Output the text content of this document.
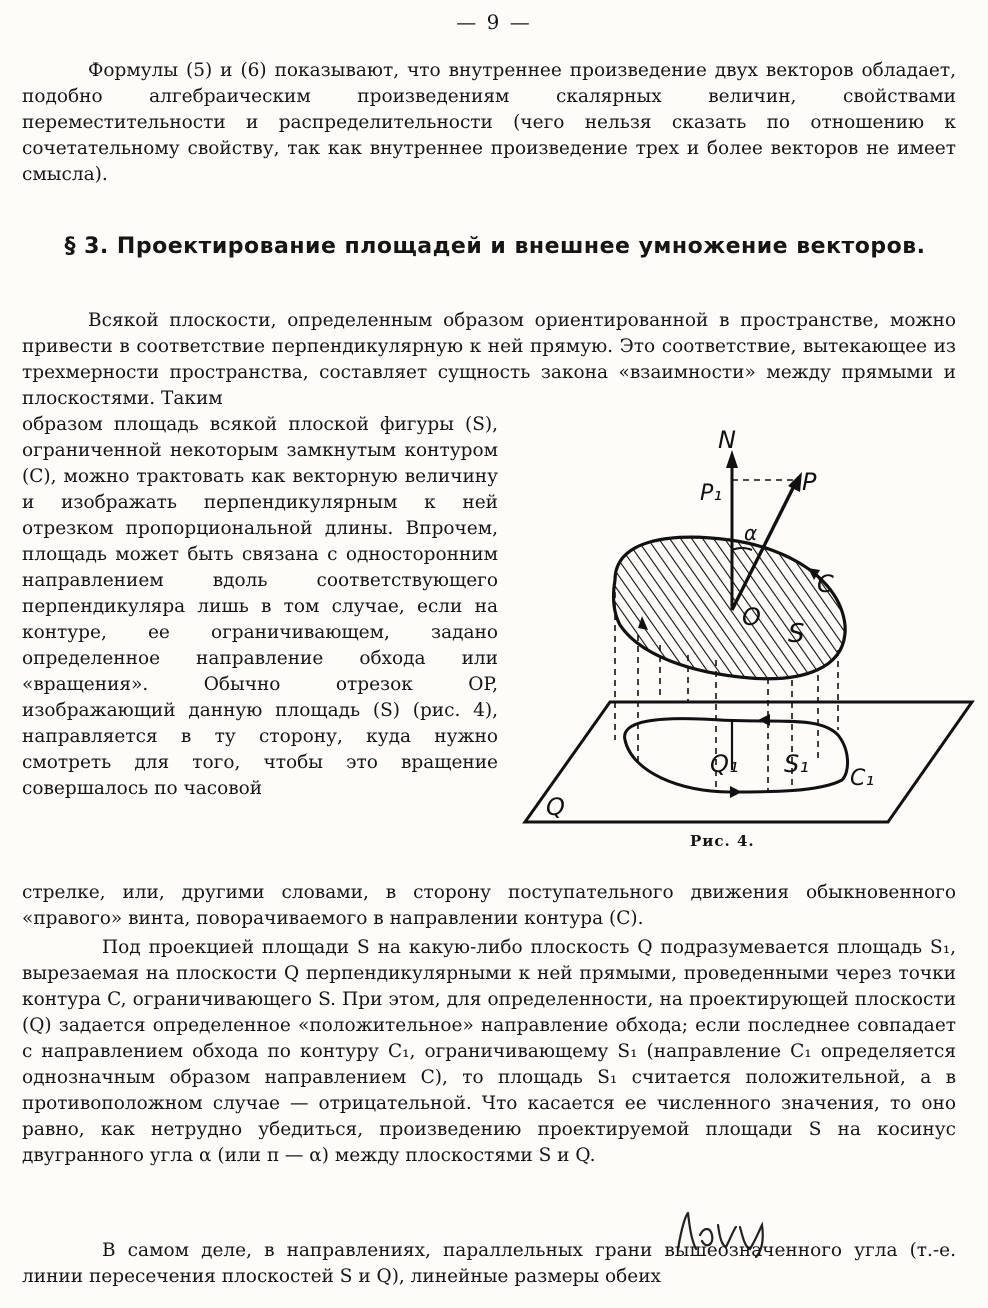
— 9 —
Формулы (5) и (6) показывают, что внутреннее произведение двух векторов обладает, подобно алгебраическим произведениям скалярных величин, свойствами переместительности и распределительности (чего нельзя сказать по отношению к сочетательному свойству, так как внутреннее произведение трех и более векторов не имеет смысла).
§ 3. Проектирование площадей и внешнее умножение векторов.
Всякой плоскости, определенным образом ориентированной в пространстве, можно привести в соответствие перпендикулярную к ней прямую. Это соответствие, вытекающее из трехмерности пространства, составляет сущность закона «взаимности» между прямыми и плоскостями. Таким
образом площадь всякой плоской фигуры (S), ограниченной некоторым замкнутым контуром (C), можно трактовать как векторную величину и изображать перпендикулярным к ней отрезком пропорциональной длины. Впрочем, площадь может быть связана с односторонним направлением вдоль соответствующего перпендикуляра лишь в том случае, если на контуре, ее ограничивающем, задано определенное направление обхода или «вращения». Обычно отрезок OP, изображающий данную площадь (S) (рис. 4), направляется в ту сторону, куда нужно смотреть для того, чтобы это вращение совершалось по часовой
N
P
P₁
α
C
O
S
Q₁ S₁
C₁
Q
Рис. 4.
стрелке, или, другими словами, в сторону поступательного движения обыкновенного «правого» винта, поворачиваемого в направлении контура (C).
Под проекцией площади S на какую-либо плоскость Q подразумевается площадь S₁, вырезаемая на плоскости Q перпендикулярными к ней прямыми, проведенными через точки контура C, ограничивающего S. При этом, для определенности, на проектирующей плоскости (Q) задается определенное «положительное» направление обхода; если последнее совпадает с направлением обхода по контуру C₁, ограничивающему S₁ (направление C₁ определяется однозначным образом направлением C), то площадь S₁ считается положительной, а в противоположном случае — отрицательной. Что касается ее численного значения, то оно равно, как нетрудно убедиться, произведению проектируемой площади S на косинус двугранного угла α (или π — α) между плоскостями S и Q.
В самом деле, в направлениях, параллельных грани вышеозначенного угла (т.-е. линии пересечения плоскостей S и Q), линейные размеры обеих
